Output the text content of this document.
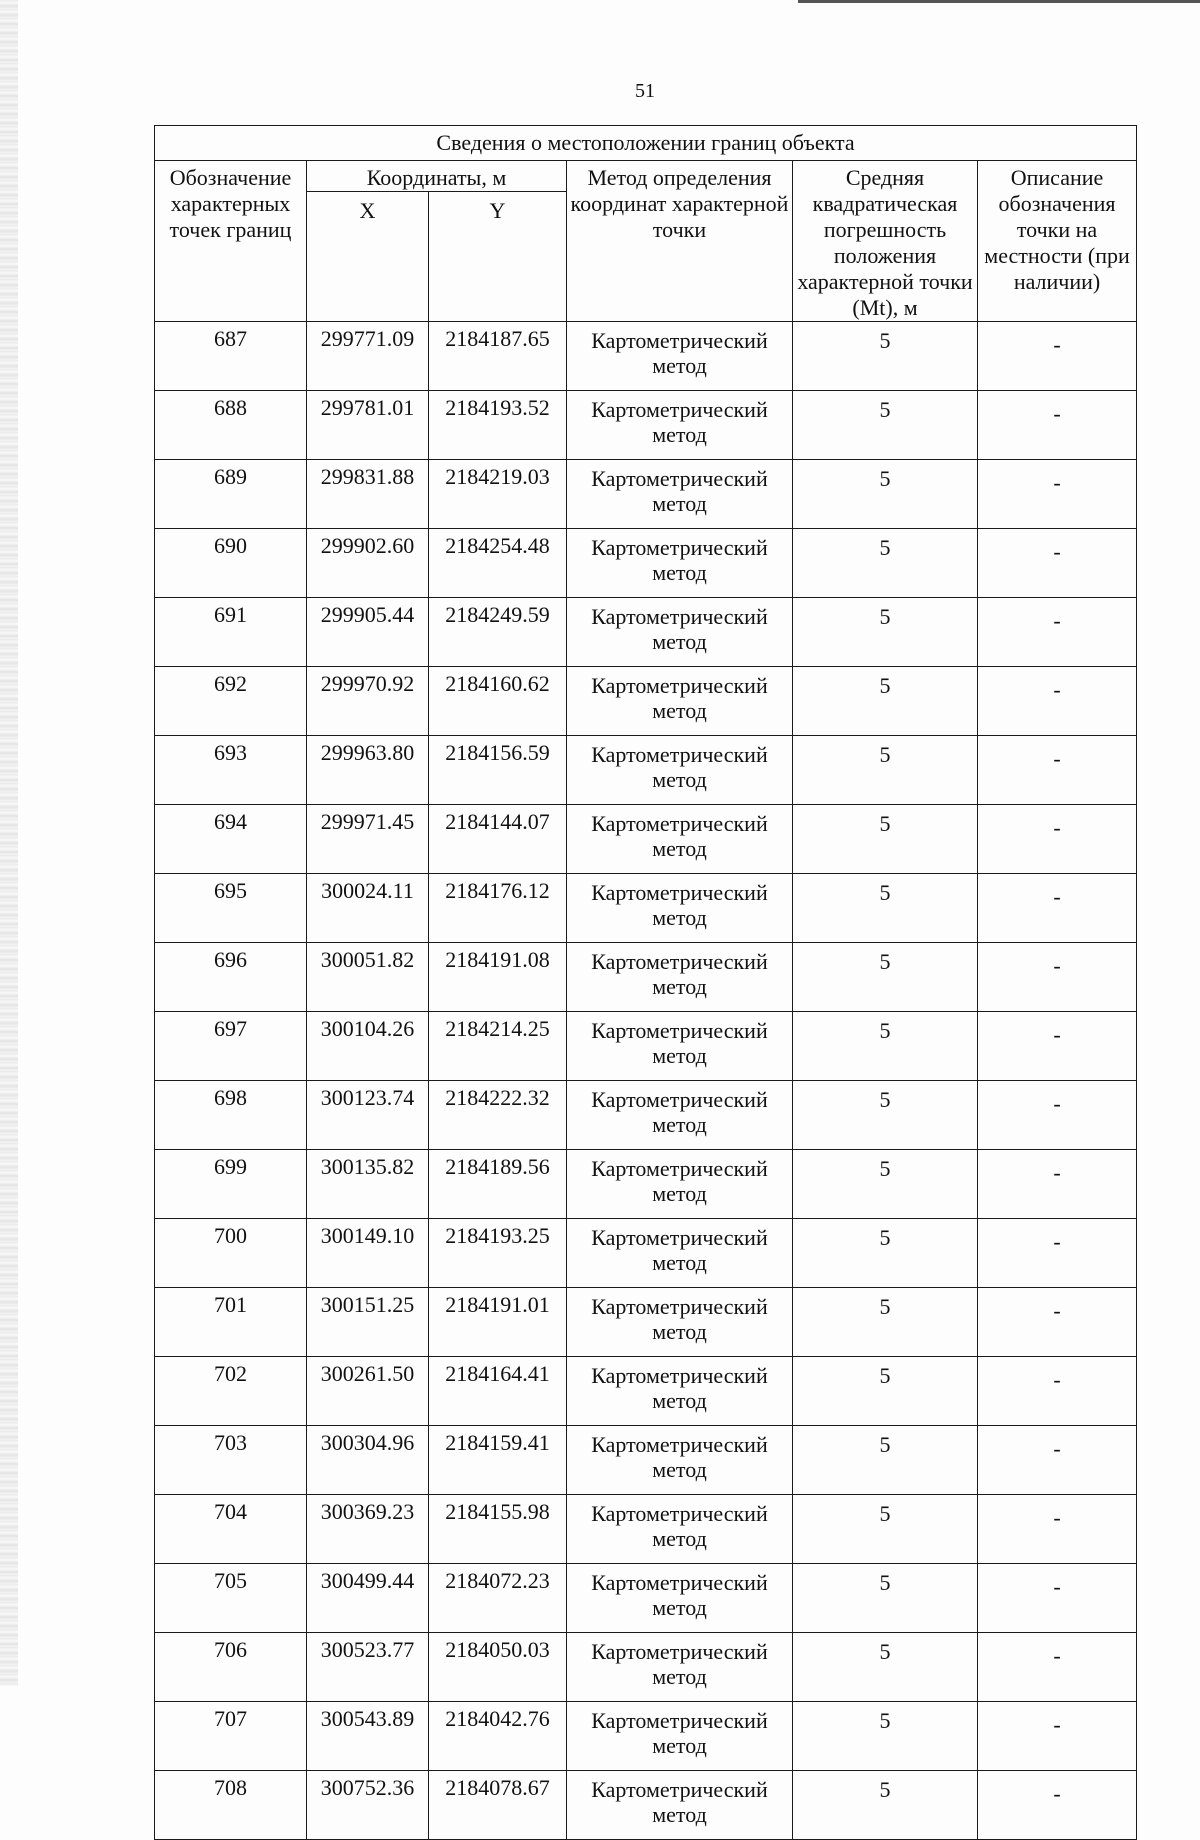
51
Сведения о местоположении границ объекта					
Обозначение характерных точек границ	Координаты, м		Метод определения координат характерной точки	Средняя квадратическая погрешность положения характерной точки (Mt), м	Описание обозначения точки на местности (при наличии)
	X	Y			
687	299771.09	2184187.65	Картометрический метод	5	-
688	299781.01	2184193.52	Картометрический метод	5	-
689	299831.88	2184219.03	Картометрический метод	5	-
690	299902.60	2184254.48	Картометрический метод	5	-
691	299905.44	2184249.59	Картометрический метод	5	-
692	299970.92	2184160.62	Картометрический метод	5	-
693	299963.80	2184156.59	Картометрический метод	5	-
694	299971.45	2184144.07	Картометрический метод	5	-
695	300024.11	2184176.12	Картометрический метод	5	-
696	300051.82	2184191.08	Картометрический метод	5	-
697	300104.26	2184214.25	Картометрический метод	5	-
698	300123.74	2184222.32	Картометрический метод	5	-
699	300135.82	2184189.56	Картометрический метод	5	-
700	300149.10	2184193.25	Картометрический метод	5	-
701	300151.25	2184191.01	Картометрический метод	5	-
702	300261.50	2184164.41	Картометрический метод	5	-
703	300304.96	2184159.41	Картометрический метод	5	-
704	300369.23	2184155.98	Картометрический метод	5	-
705	300499.44	2184072.23	Картометрический метод	5	-
706	300523.77	2184050.03	Картометрический метод	5	-
707	300543.89	2184042.76	Картометрический метод	5	-
708	300752.36	2184078.67	Картометрический метод	5	-
